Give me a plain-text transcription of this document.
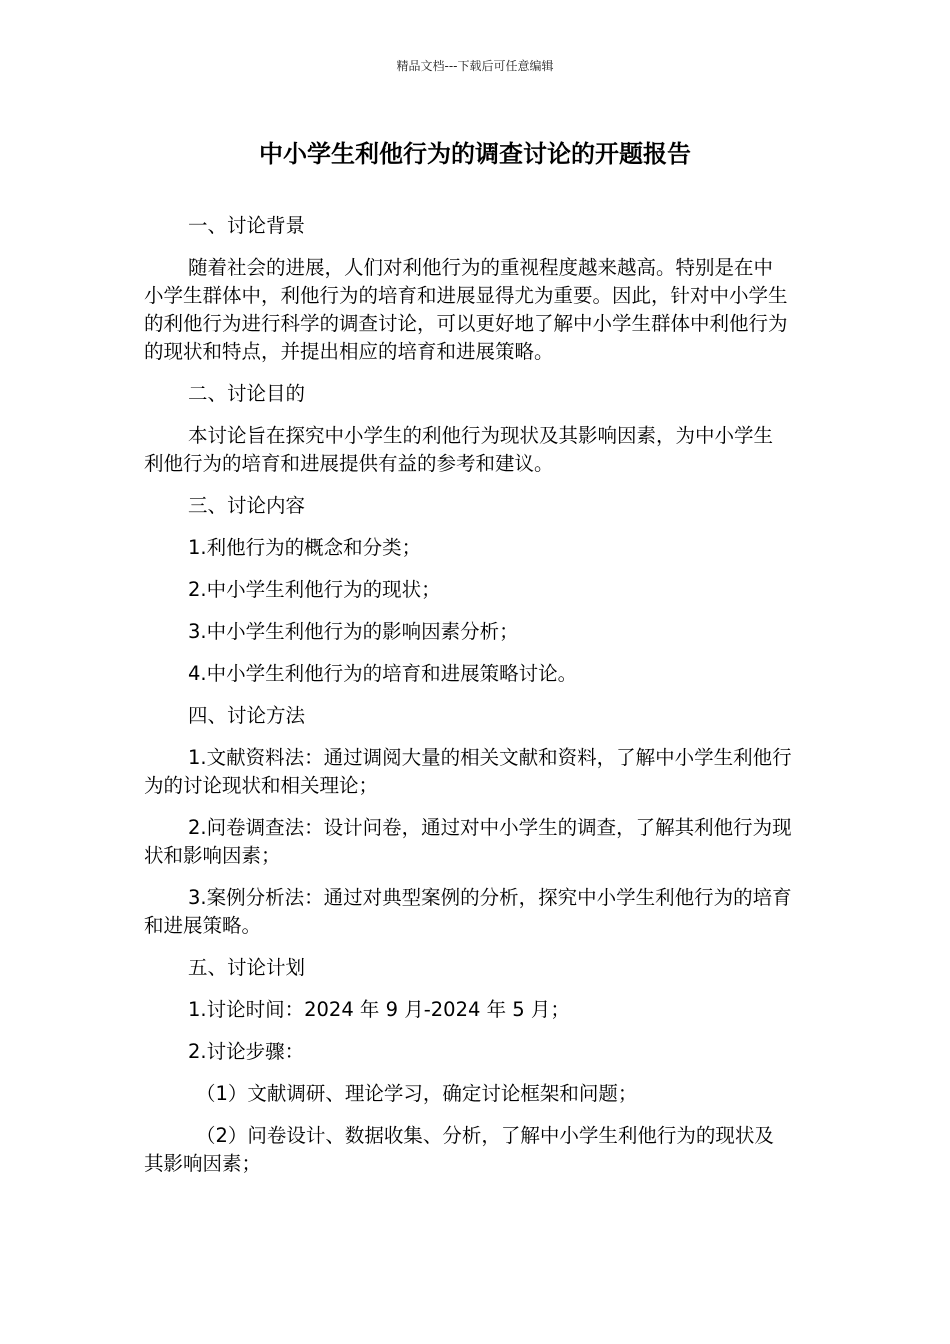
精品文档---下载后可任意编辑
中小学生利他行为的调查讨论的开题报告

一、讨论背景

随着社会的进展，人们对利他行为的重视程度越来越高。特别是在中小学生群体中，利他行为的培育和进展显得尤为重要。因此，针对中小学生的利他行为进行科学的调查讨论，可以更好地了解中小学生群体中利他行为的现状和特点，并提出相应的培育和进展策略。

二、讨论目的

本讨论旨在探究中小学生的利他行为现状及其影响因素，为中小学生利他行为的培育和进展提供有益的参考和建议。

三、讨论内容

1.利他行为的概念和分类；

2.中小学生利他行为的现状；

3.中小学生利他行为的影响因素分析；

4.中小学生利他行为的培育和进展策略讨论。

四、讨论方法

1.文献资料法：通过调阅大量的相关文献和资料，了解中小学生利他行为的讨论现状和相关理论；

2.问卷调查法：设计问卷，通过对中小学生的调查，了解其利他行为现状和影响因素；

3.案例分析法：通过对典型案例的分析，探究中小学生利他行为的培育和进展策略。

五、讨论计划

1.讨论时间：2024 年 9 月-2024 年 5 月；

2.讨论步骤：

（1）文献调研、理论学习，确定讨论框架和问题；

（2）问卷设计、数据收集、分析，了解中小学生利他行为的现状及其影响因素；
